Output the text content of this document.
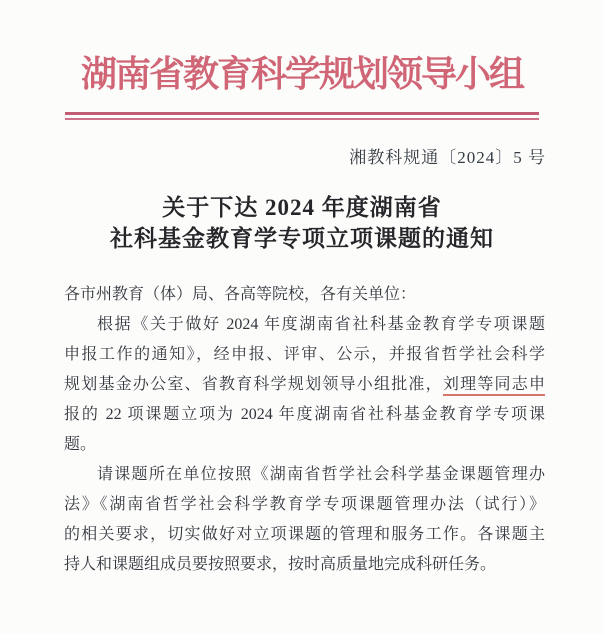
湖南省教育科学规划领导小组
湘教科规通〔2024〕5 号
关于下达 2024 年度湖南省
社科基金教育学专项立项课题的通知
各市州教育（体）局、各高等院校，各有关单位：
根据《关于做好 2024 年度湖南省社科基金教育学专项课题
申报工作的通知》，经申报、评审、公示，并报省哲学社会科学
规划基金办公室、省教育科学规划领导小组批准，刘理等同志申
报的 22 项课题立项为 2024 年度湖南省社科基金教育学专项课
题。
请课题所在单位按照《湖南省哲学社会科学基金课题管理办
法》《湖南省哲学社会科学教育学专项课题管理办法（试行）》
的相关要求，切实做好对立项课题的管理和服务工作。各课题主
持人和课题组成员要按照要求，按时高质量地完成科研任务。
